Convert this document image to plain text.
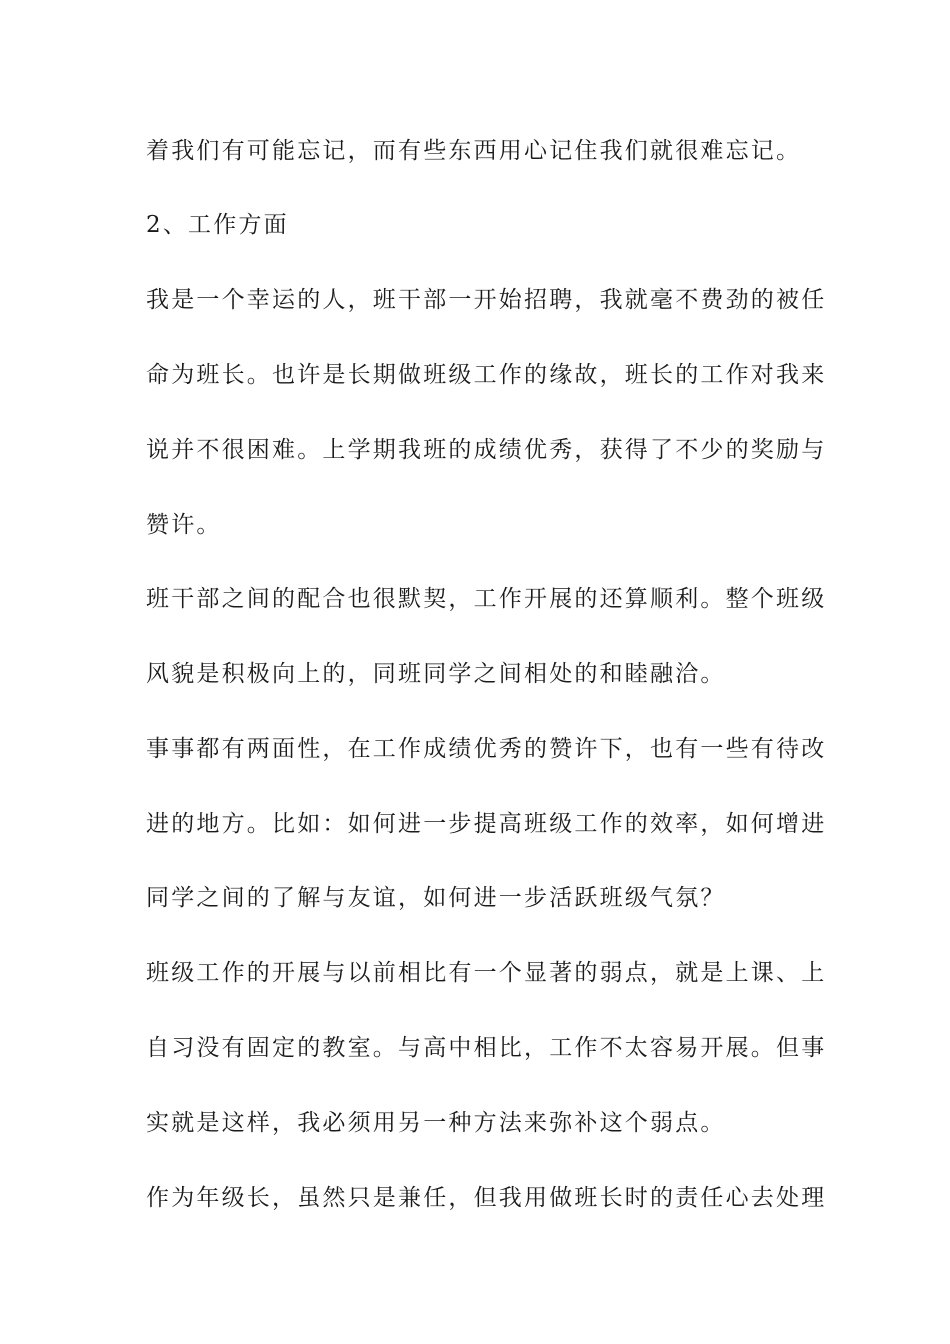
着我们有可能忘记，而有些东西用心记住我们就很难忘记。
2、工作方面
我是一个幸运的人，班干部一开始招聘，我就毫不费劲的被任
命为班长。也许是长期做班级工作的缘故，班长的工作对我来
说并不很困难。上学期我班的成绩优秀，获得了不少的奖励与
赞许。
班干部之间的配合也很默契，工作开展的还算顺利。整个班级
风貌是积极向上的，同班同学之间相处的和睦融洽。
事事都有两面性，在工作成绩优秀的赞许下，也有一些有待改
进的地方。比如：如何进一步提高班级工作的效率，如何增进
同学之间的了解与友谊，如何进一步活跃班级气氛？
班级工作的开展与以前相比有一个显著的弱点，就是上课、上
自习没有固定的教室。与高中相比，工作不太容易开展。但事
实就是这样，我必须用另一种方法来弥补这个弱点。
作为年级长，虽然只是兼任，但我用做班长时的责任心去处理
